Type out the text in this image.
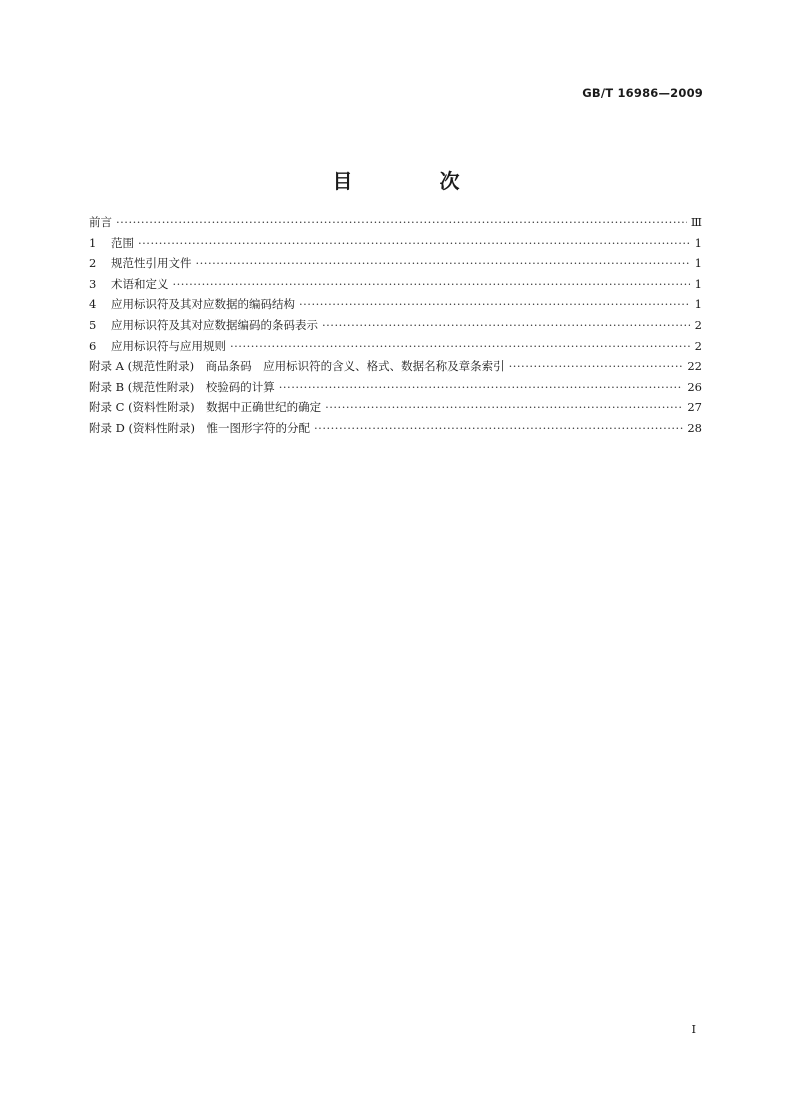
GB/T 16986—2009
目 次
前言 ·····	Ⅲ
1	范围 ·····	1
2	规范性引用文件 ·····	1
3	术语和定义 ·····	1
4	应用标识符及其对应数据的编码结构 ·····	1
5	应用标识符及其对应数据编码的条码表示 ·····	2
6	应用标识符与应用规则 ·····	2
附录 A (规范性附录)　商品条码　应用标识符的含义、格式、数据名称及章条索引 ·····	22
附录 B (规范性附录)　校验码的计算 ·····	26
附录 C (资料性附录)　数据中正确世纪的确定 ·····	27
附录 D (资料性附录)　惟一图形字符的分配 ·····	28
I
